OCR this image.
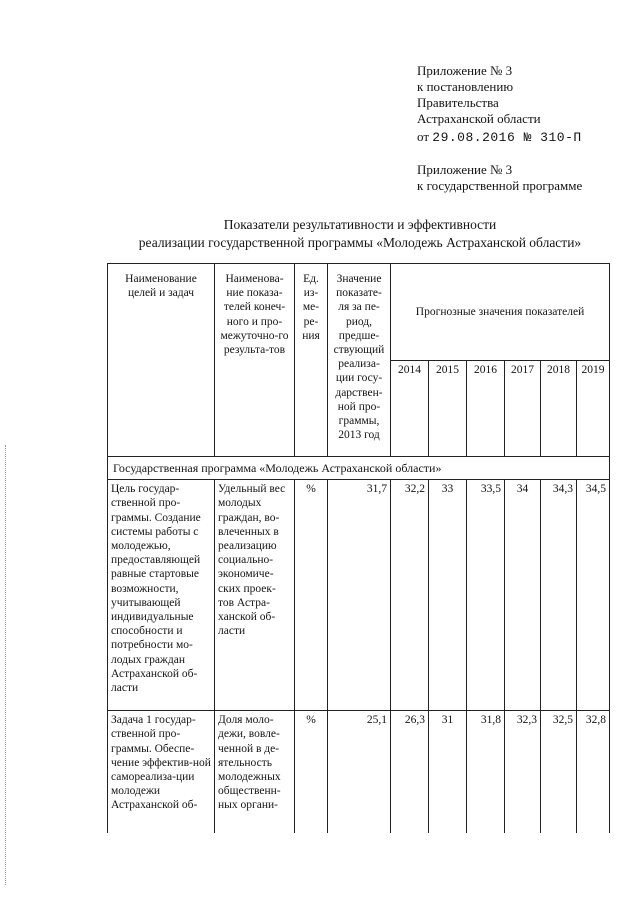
Приложение № 3
к постановлению
Правительства
Астраханской области
от 29.08.2016 № 310-П
Приложение № 3
к государственной программе
Показатели результативности и эффективности
реализации государственной программы «Молодежь Астраханской области»
Наименование целей и задач	Наименова-ние показа-телей конеч-ного и про-межуточно-го результа-тов	Ед. из-ме-ре-ния	Значение показате-ля за пе-риод, предше-ствующий реализа-ции госу-дарствен-ной про-граммы, 2013 год	Прогнозные значения показателей					
				2014	2015	2016	2017	2018	2019
Государственная программа «Молодежь Астраханской области»									
Цель государ-ственной про-граммы. Создание системы работы с молодежью, предоставляющей равные стартовые возможности, учитывающей индивидуальные способности и потребности мо-лодых граждан Астраханской об-ласти	Удельный вес молодых граждан, во-влеченных в реализацию социально-экономиче-ских проек-тов Астра-ханской об-ласти	%	31,7	32,2	33	33,5	34	34,3	34,5
Задача 1 государ-ственной про-граммы. Обеспе-чение эффектив-ной самореализа-ции молодежи Астраханской об-	Доля моло-дежи, вовле-ченной в де-ятельность молодежных общественн-ных органи-	%	25,1	26,3	31	31,8	32,3	32,5	32,8
